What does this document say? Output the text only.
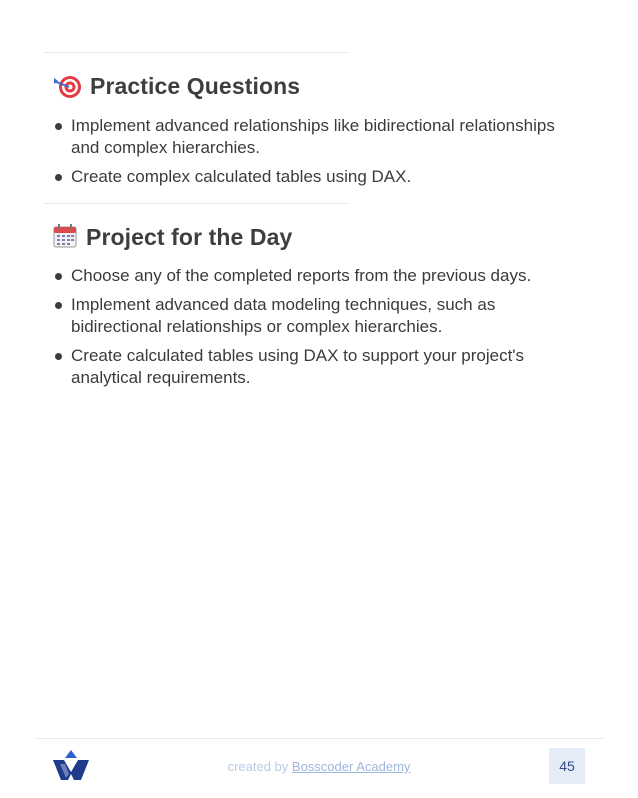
Practice Questions
Implement advanced relationships like bidirectional relationships and complex hierarchies.
Create complex calculated tables using DAX.
Project for the Day
Choose any of the completed reports from the previous days.
Implement advanced data modeling techniques, such as bidirectional relationships or complex hierarchies.
Create calculated tables using DAX to support your project's analytical requirements.
created by Bosscoder Academy	45
